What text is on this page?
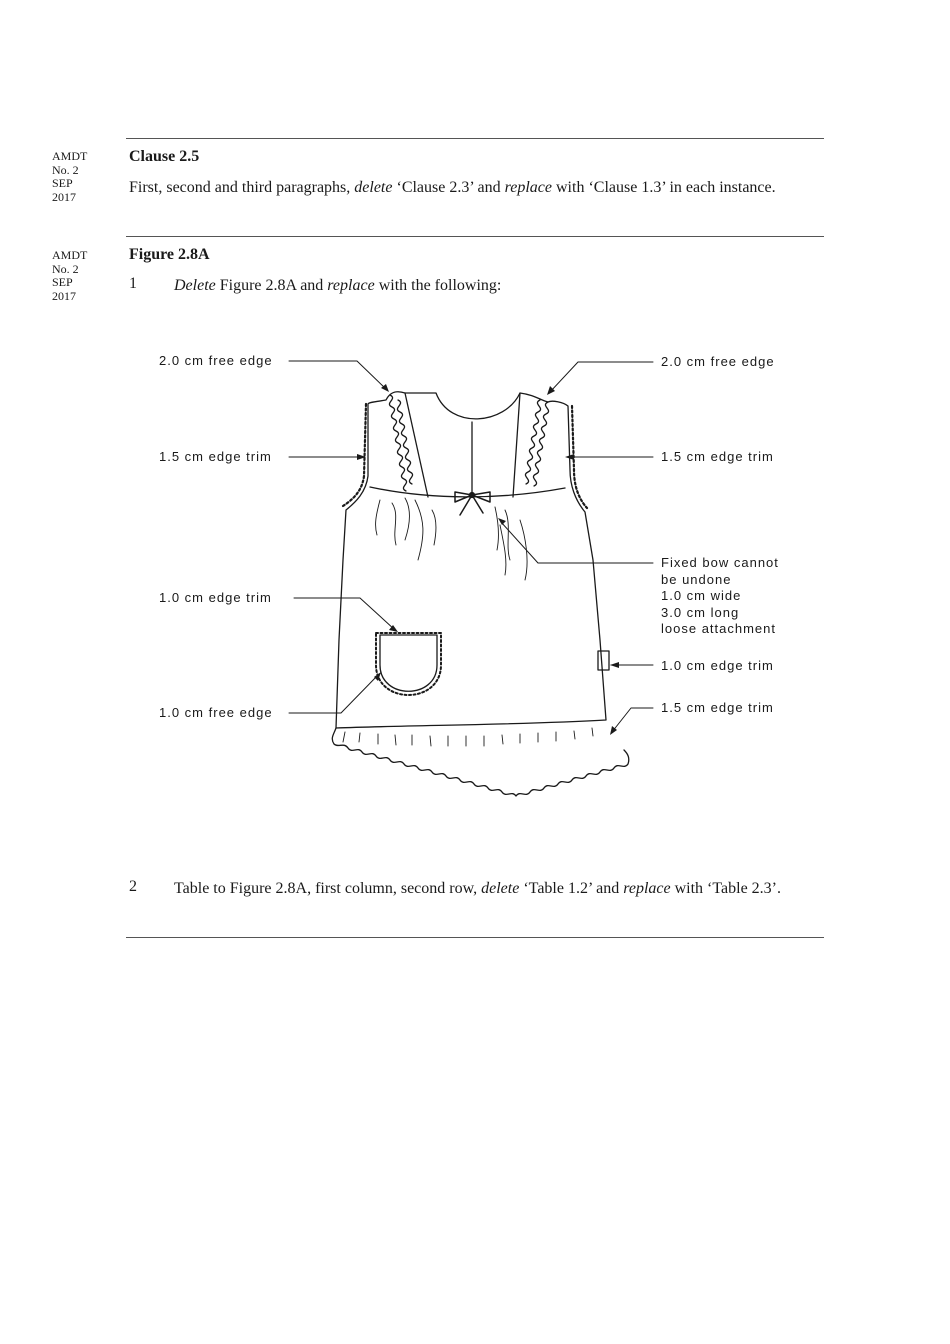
AMDT
No. 2
SEP
2017
Clause 2.5
First, second and third paragraphs, delete ‘Clause 2.3’ and replace with ‘Clause 1.3’ in each instance.
AMDT
No. 2
SEP
2017
Figure 2.8A
1 Delete Figure 2.8A and replace with the following:
2.0 cm free edge
1.5 cm edge trim
1.0 cm edge trim
1.0 cm free edge
2.0 cm free edge
1.5 cm edge trim
Fixed bow cannot
be undone
1.0 cm wide
3.0 cm long
loose attachment
1.0 cm edge trim
1.5 cm edge trim
2 Table to Figure 2.8A, first column, second row, delete ‘Table 1.2’ and replace with ‘Table 2.3’.
